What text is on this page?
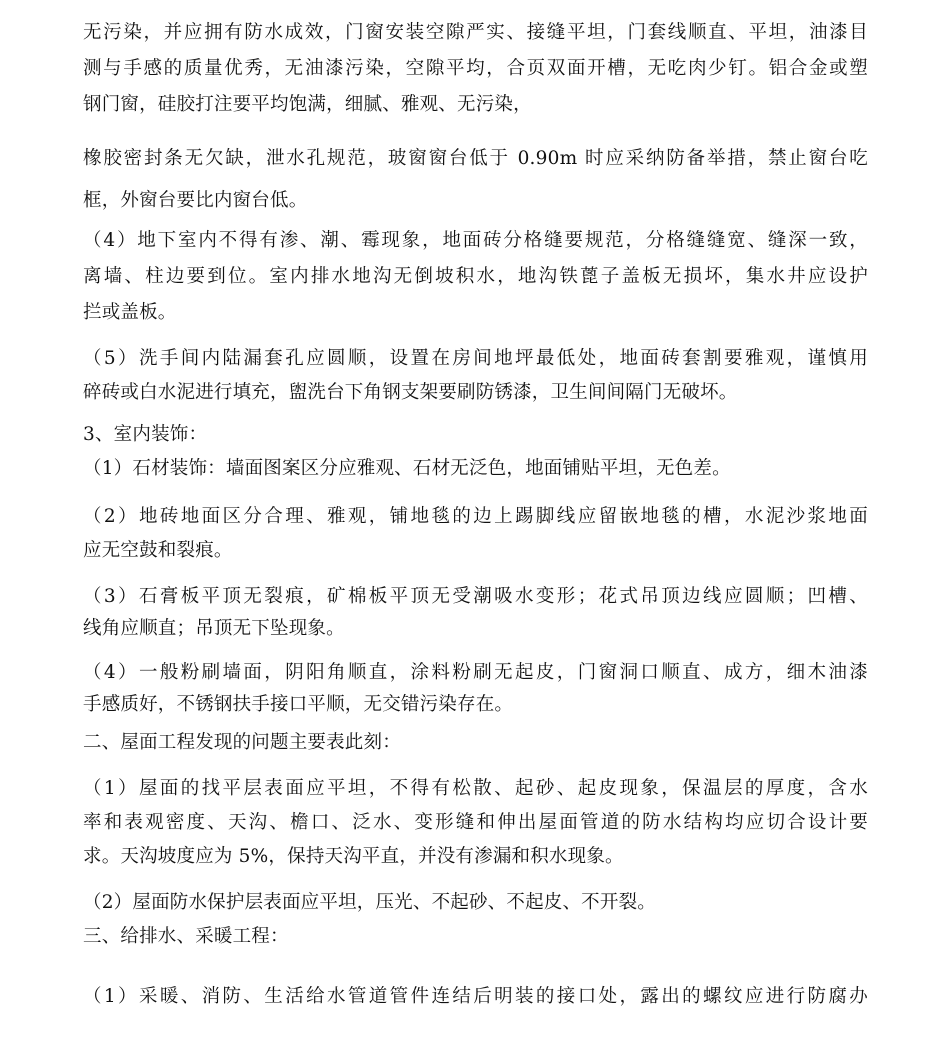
无污染，并应拥有防水成效，门窗安装空隙严实、接缝平坦，门套线顺直、平坦，油漆目
测与手感的质量优秀，无油漆污染，空隙平均，合页双面开槽，无吃肉少钉。铝合金或塑
钢门窗，硅胶打注要平均饱满，细腻、雅观、无污染，
橡胶密封条无欠缺，泄水孔规范，玻窗窗台低于 0.90m 时应采纳防备举措，禁止窗台吃
框，外窗台要比内窗台低。
（4）地下室内不得有渗、潮、霉现象，地面砖分格缝要规范，分格缝缝宽、缝深一致，
离墙、柱边要到位。室内排水地沟无倒坡积水，地沟铁蓖子盖板无损坏，集水井应设护
拦或盖板。
（5）洗手间内陆漏套孔应圆顺，设置在房间地坪最低处，地面砖套割要雅观，谨慎用
碎砖或白水泥进行填充，盥洗台下角钢支架要刷防锈漆，卫生间间隔门无破坏。
3、室内装饰：
（1）石材装饰：墙面图案区分应雅观、石材无泛色，地面铺贴平坦，无色差。
（2）地砖地面区分合理、雅观，铺地毯的边上踢脚线应留嵌地毯的槽，水泥沙浆地面
应无空鼓和裂痕。
（3）石膏板平顶无裂痕，矿棉板平顶无受潮吸水变形；花式吊顶边线应圆顺；凹槽、
线角应顺直；吊顶无下坠现象。
（4）一般粉刷墙面，阴阳角顺直，涂料粉刷无起皮，门窗洞口顺直、成方，细木油漆
手感质好，不锈钢扶手接口平顺，无交错污染存在。
二、屋面工程发现的问题主要表此刻：
（1）屋面的找平层表面应平坦，不得有松散、起砂、起皮现象，保温层的厚度，含水
率和表观密度、天沟、檐口、泛水、变形缝和伸出屋面管道的防水结构均应切合设计要
求。天沟坡度应为 5%，保持天沟平直，并没有渗漏和积水现象。
（2）屋面防水保护层表面应平坦，压光、不起砂、不起皮、不开裂。
三、给排水、采暖工程：
（1）采暖、消防、生活给水管道管件连结后明装的接口处，露出的螺纹应进行防腐办
